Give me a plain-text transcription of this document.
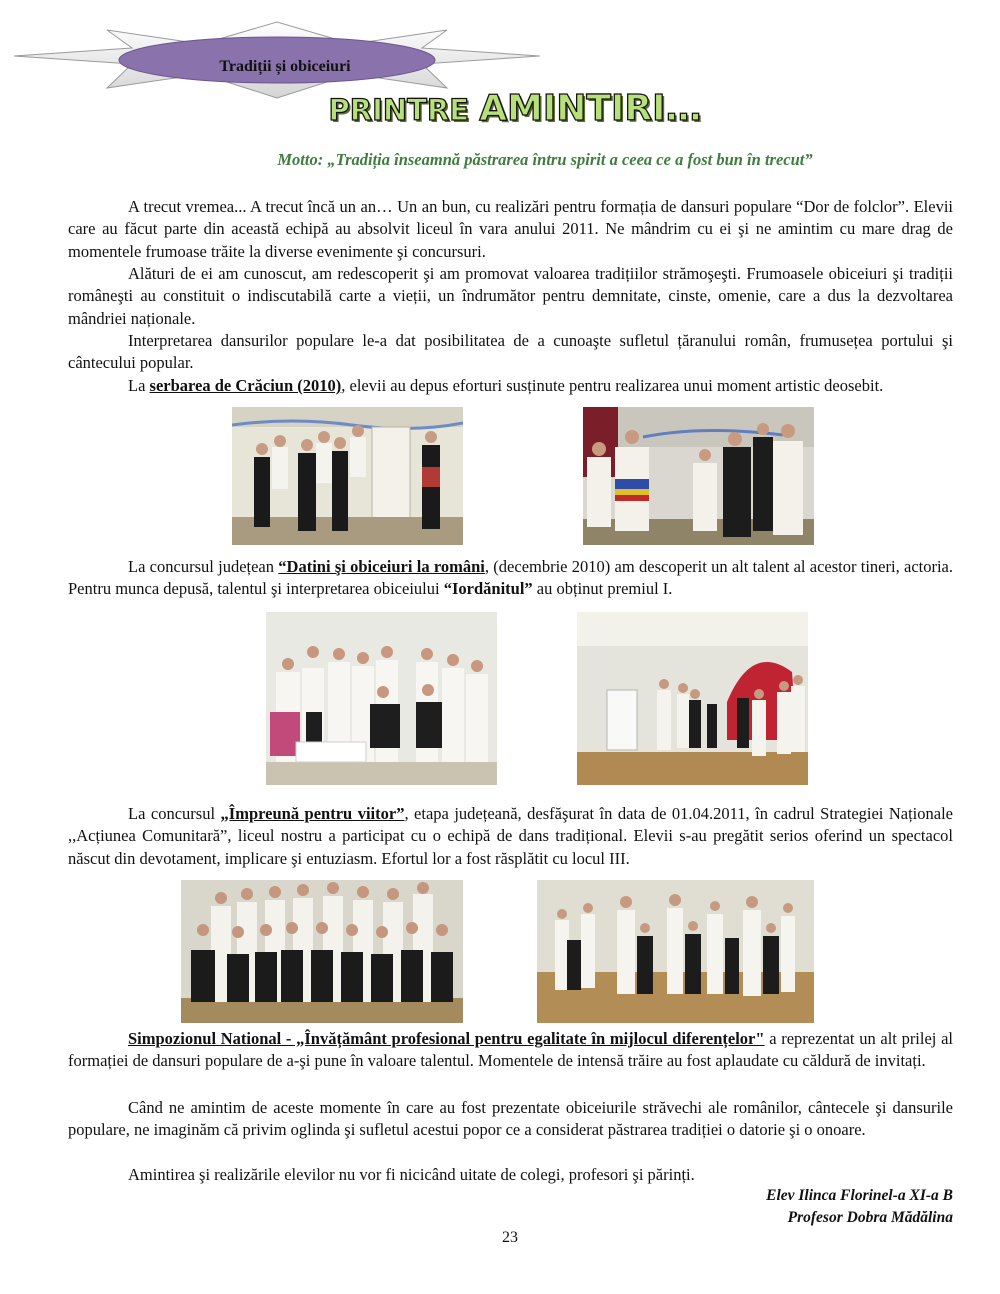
Tradiții și obiceiuri
PRINTRE AMINTIRI…
Motto: „Tradiția înseamnă păstrarea întru spirit a ceea ce a fost bun în trecut”

A trecut vremea... A trecut încă un an… Un an bun, cu realizări pentru formația de dansuri populare “Dor de folclor”. Elevii care au făcut parte din această echipă au absolvit liceul în vara anului 2011. Ne mândrim cu ei şi ne amintim cu mare drag de momentele frumoase trăite la diverse evenimente şi concursuri.

Alături de ei am cunoscut, am redescoperit şi am promovat valoarea tradițiilor strămoşeşti. Frumoasele obiceiuri şi tradiții româneşti au constituit o indiscutabilă carte a vieții, un îndrumător pentru demnitate, cinste, omenie, care a dus la dezvoltarea mândriei naționale.

Interpretarea dansurilor populare le-a dat posibilitatea de a cunoaşte sufletul țăranului român, frumusețea portului şi cântecului popular.

La serbarea de Crăciun (2010), elevii au depus eforturi susținute pentru realizarea unui moment artistic deosebit.

La concursul județean “Datini şi obiceiuri la români, (decembrie 2010) am descoperit un alt talent al acestor tineri, actoria. Pentru munca depusă, talentul şi interpretarea obiceiului “Iordănitul” au obținut premiul I.

La concursul „Împreună pentru viitor”, etapa județeană, desfăşurat în data de 01.04.2011, în cadrul Strategiei Naționale ,,Acțiunea Comunitară”, liceul nostru a participat cu o echipă de dans tradițional. Elevii s-au pregătit serios oferind un spectacol născut din devotament, implicare şi entuziasm. Efortul lor a fost răsplătit cu locul III.

Simpozionul National - „Învățământ profesional pentru egalitate în mijlocul diferențelor" a reprezentat un alt prilej al formației de dansuri populare de a-şi pune în valoare talentul. Momentele de intensă trăire au fost aplaudate cu căldură de invitați.

Când ne amintim de aceste momente în care au fost prezentate obiceiurile străvechi ale românilor, cântecele şi dansurile populare, ne imaginăm că privim oglinda şi sufletul acestui popor ce a considerat păstrarea tradiției o datorie şi o onoare.

Amintirea şi realizările elevilor nu vor fi nicicând uitate de colegi, profesori şi părinți.

Elev Ilinca Florinel-a XI-a B
Profesor Dobra Mădălina
23
